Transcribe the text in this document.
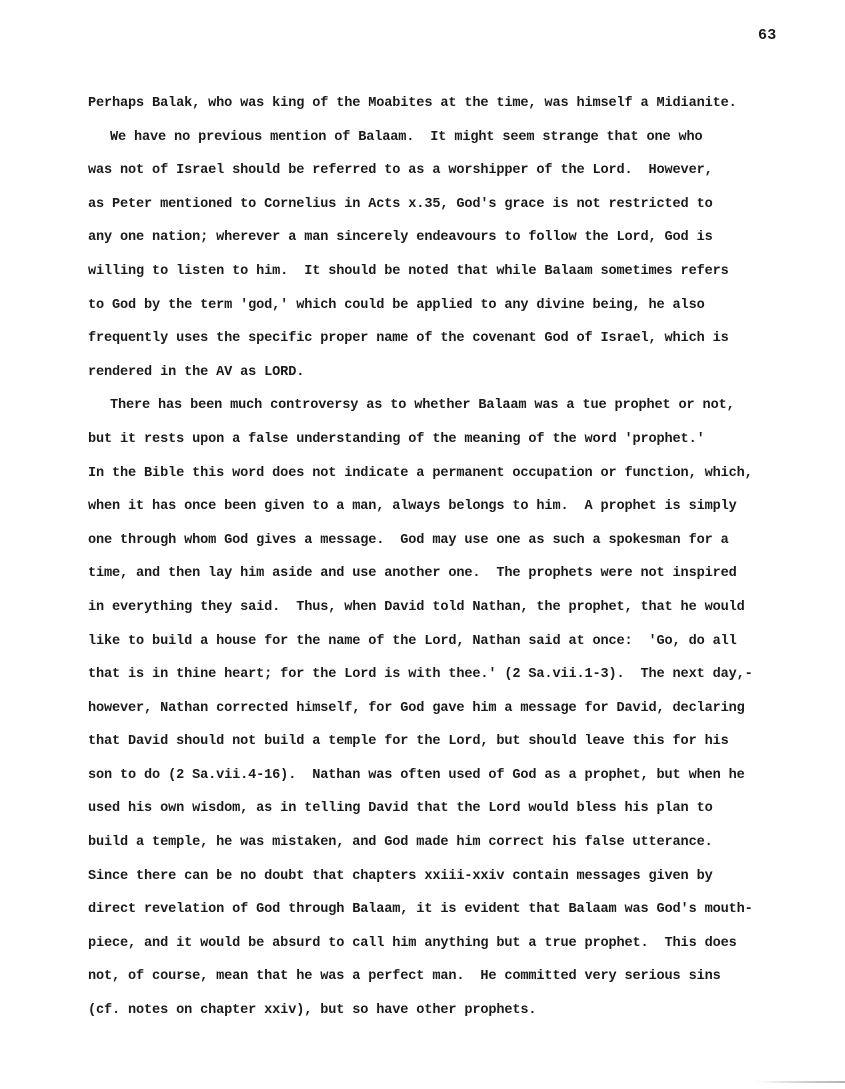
63
Perhaps Balak, who was king of the Moabites at the time, was himself a Midianite.
We have no previous mention of Balaam.  It might seem strange that one who
was not of Israel should be referred to as a worshipper of the Lord.  However,
as Peter mentioned to Cornelius in Acts x.35, God's grace is not restricted to
any one nation; wherever a man sincerely endeavours to follow the Lord, God is
willing to listen to him.  It should be noted that while Balaam sometimes refers
to God by the term 'god,' which could be applied to any divine being, he also
frequently uses the specific proper name of the covenant God of Israel, which is
rendered in the AV as LORD.
There has been much controversy as to whether Balaam was a tue prophet or not,
but it rests upon a false understanding of the meaning of the word 'prophet.'
In the Bible this word does not indicate a permanent occupation or function, which,
when it has once been given to a man, always belongs to him.  A prophet is simply
one through whom God gives a message.  God may use one as such a spokesman for a
time, and then lay him aside and use another one.  The prophets were not inspired
in everything they said.  Thus, when David told Nathan, the prophet, that he would
like to build a house for the name of the Lord, Nathan said at once:  'Go, do all
that is in thine heart; for the Lord is with thee.' (2 Sa.vii.1-3).  The next day,-
however, Nathan corrected himself, for God gave him a message for David, declaring
that David should not build a temple for the Lord, but should leave this for his
son to do (2 Sa.vii.4-16).  Nathan was often used of God as a prophet, but when he
used his own wisdom, as in telling David that the Lord would bless his plan to
build a temple, he was mistaken, and God made him correct his false utterance.
Since there can be no doubt that chapters xxiii-xxiv contain messages given by
direct revelation of God through Balaam, it is evident that Balaam was God's mouth-
piece, and it would be absurd to call him anything but a true prophet.  This does
not, of course, mean that he was a perfect man.  He committed very serious sins
(cf. notes on chapter xxiv), but so have other prophets.
